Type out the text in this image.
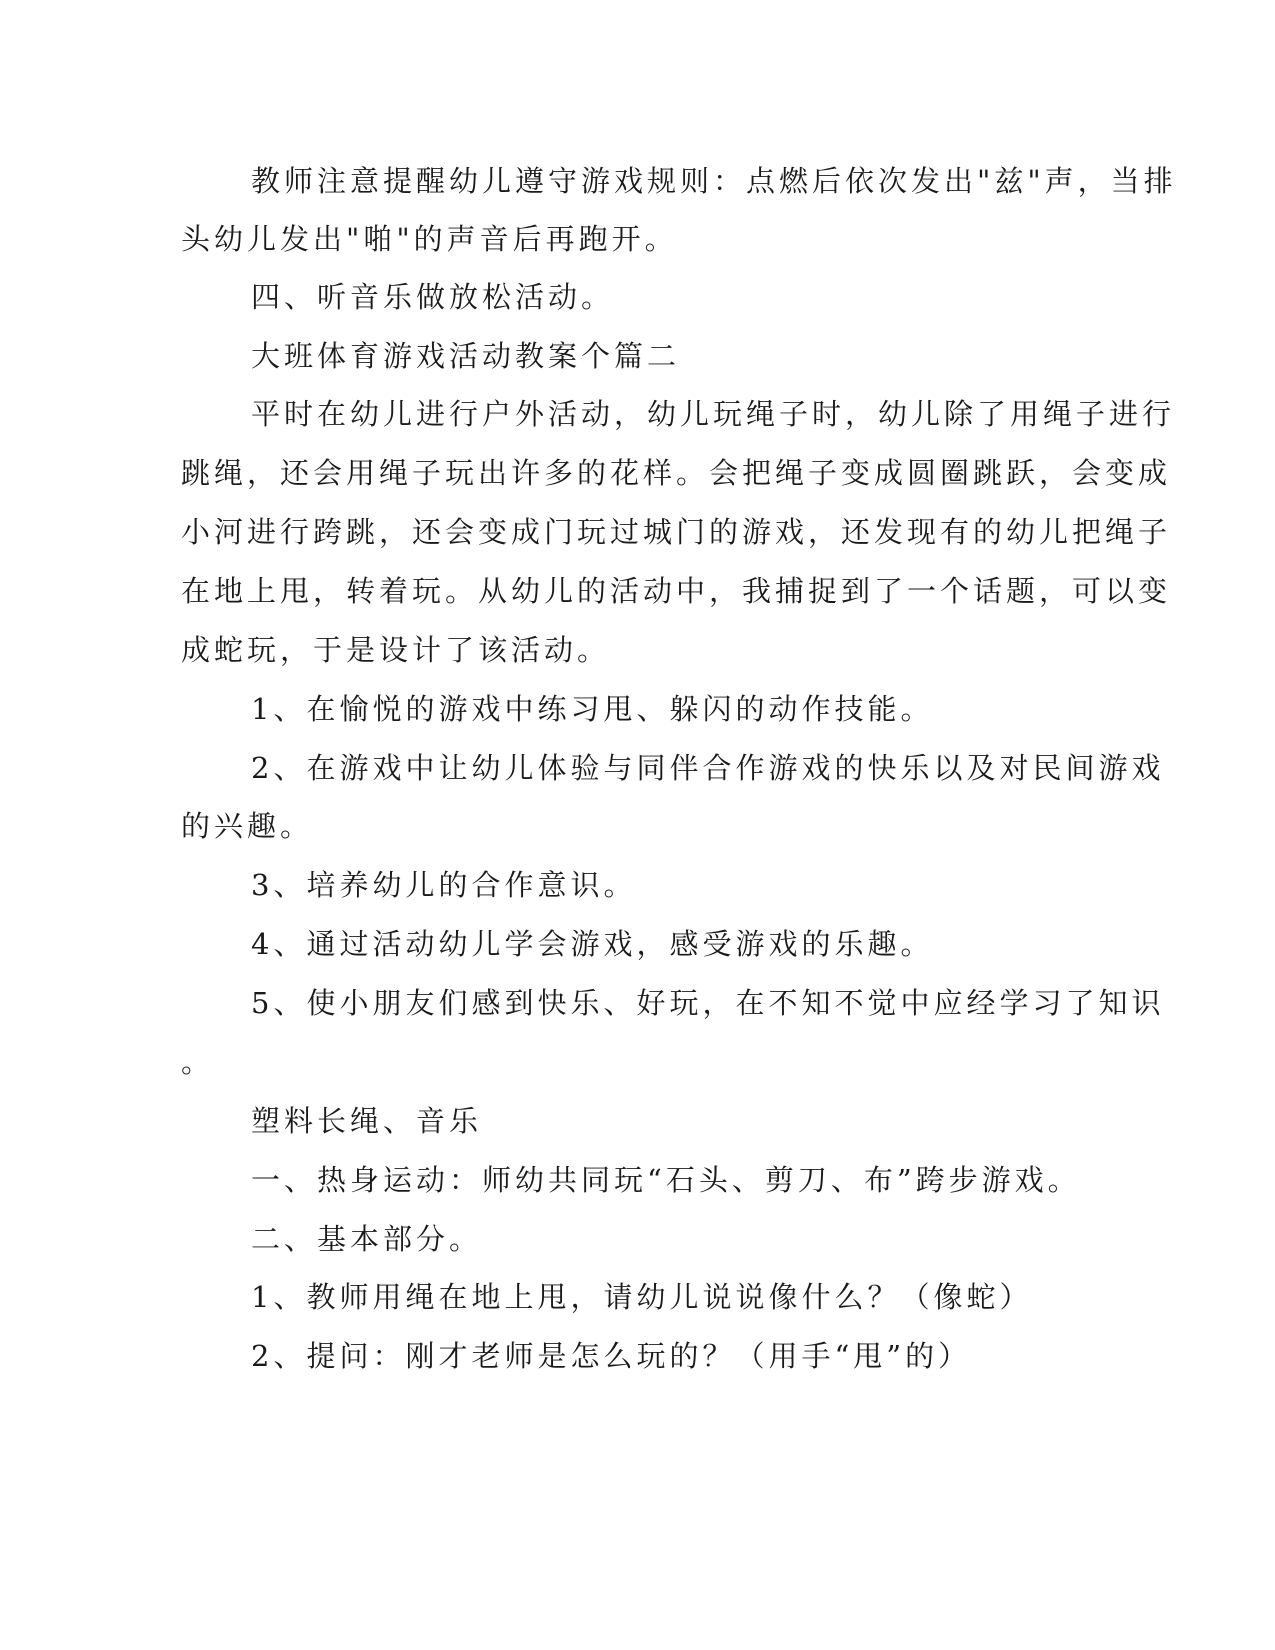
教师注意提醒幼儿遵守游戏规则：点燃后依次发出"兹"声，当排

头幼儿发出"啪"的声音后再跑开。

四、听音乐做放松活动。

大班体育游戏活动教案个篇二

平时在幼儿进行户外活动，幼儿玩绳子时，幼儿除了用绳子进行

跳绳，还会用绳子玩出许多的花样。会把绳子变成圆圈跳跃，会变成

小河进行跨跳，还会变成门玩过城门的游戏，还发现有的幼儿把绳子

在地上甩，转着玩。从幼儿的活动中，我捕捉到了一个话题，可以变

成蛇玩，于是设计了该活动。

1、在愉悦的游戏中练习甩、躲闪的动作技能。

2、在游戏中让幼儿体验与同伴合作游戏的快乐以及对民间游戏

的兴趣。

3、培养幼儿的合作意识。

4、通过活动幼儿学会游戏，感受游戏的乐趣。

5、使小朋友们感到快乐、好玩，在不知不觉中应经学习了知识

。

塑料长绳、音乐

一、热身运动：师幼共同玩“石头、剪刀、布”跨步游戏。

二、基本部分。

1、教师用绳在地上甩，请幼儿说说像什么？（像蛇）

2、提问：刚才老师是怎么玩的？（用手“甩”的）
